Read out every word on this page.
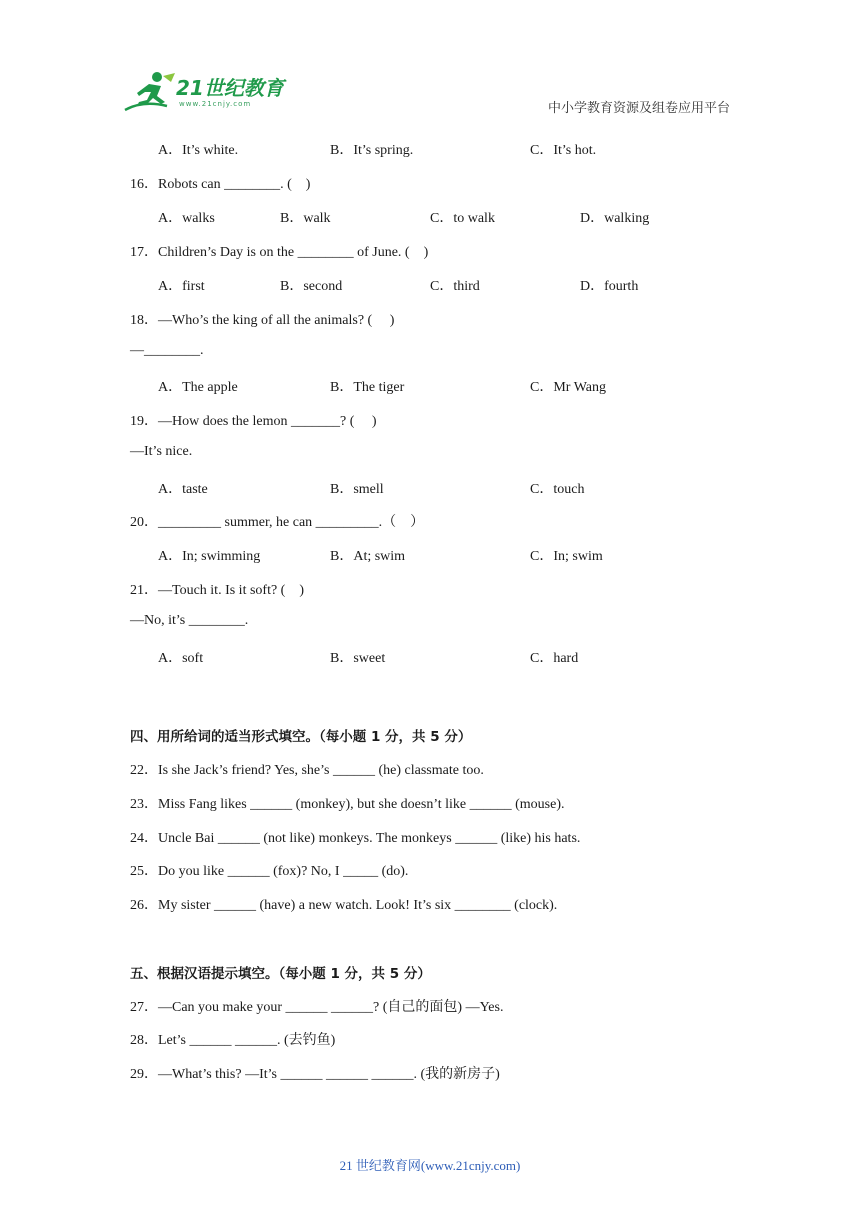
21世纪教育
www.21cnjy.com	中小学教育资源及组卷应用平台
A．It’s white.	B．It’s spring.	C．It’s hot.
16．Robots can ________. (　)
A．walks	B．walk	C．to walk	D．walking
17．Children’s Day is on the ________ of June. (　)
A．first	B．second	C．third	D．fourth
18．—Who’s the king of all the animals? (　 )
—________.
A．The apple	B．The tiger	C．Mr Wang
19．—How does the lemon _______? (　 )
—It’s nice.
A．taste	B．smell	C．touch
20．_________ summer, he can _________.（　）
A．In; swimming	B．At; swim	C．In; swim
21．—Touch it. Is it soft? (　)
—No, it’s ________.
A．soft	B．sweet	C．hard
四、用所给词的适当形式填空。（每小题 1 分，共 5 分）
22．Is she Jack’s friend? Yes, she’s ______ (he) classmate too.
23．Miss Fang likes ______ (monkey), but she doesn’t like ______ (mouse).
24．Uncle Bai ______ (not like) monkeys. The monkeys ______ (like) his hats.
25．Do you like ______ (fox)? No, I _____ (do).
26．My sister ______ (have) a new watch. Look! It’s six ________ (clock).
五、根据汉语提示填空。（每小题 1 分，共 5 分）
27．—Can you make your ______ ______? (自己的面包) —Yes.
28．Let’s ______ ______. (去钓鱼)
29．—What’s this? —It’s ______ ______ ______. (我的新房子)
21 世纪教育网(www.21cnjy.com)
